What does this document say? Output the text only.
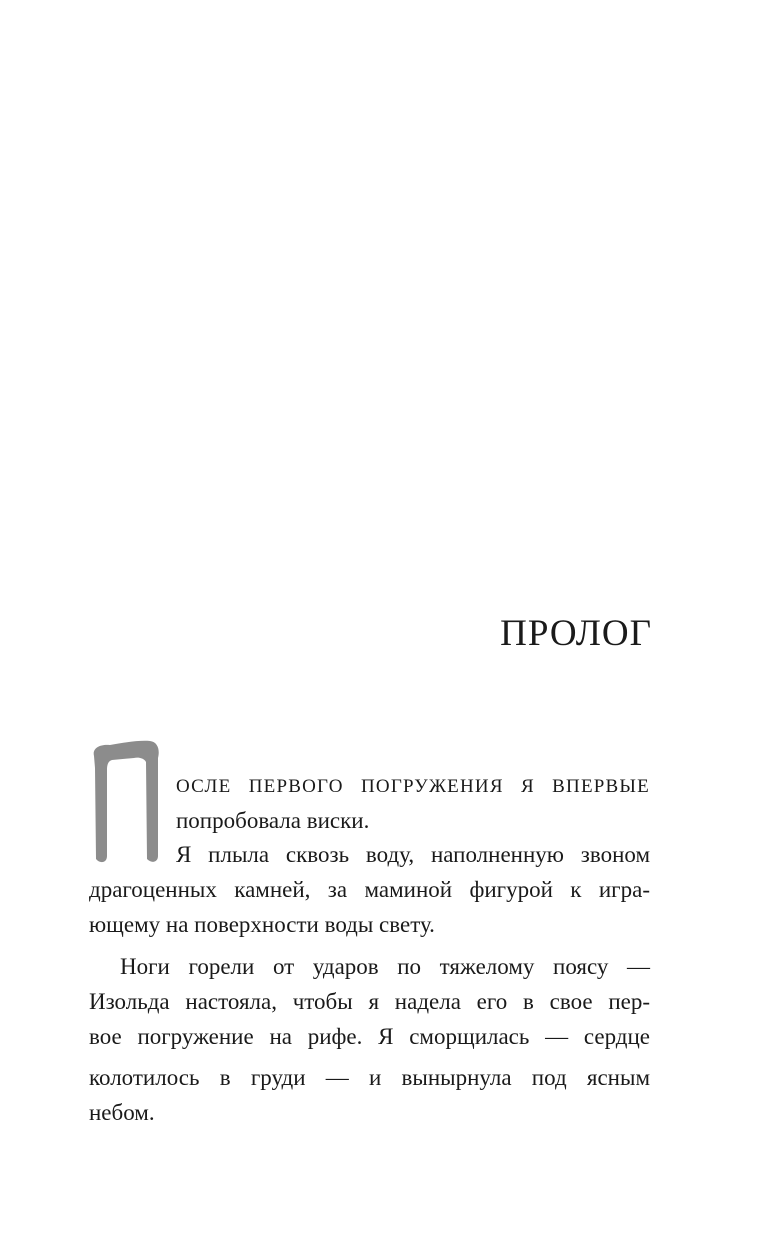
ПРОЛОГ

ОСЛЕ ПЕРВОГО ПОГРУЖЕНИЯ Я ВПЕРВЫЕ

попробовала виски.

Я плыла сквозь воду, наполненную звоном

драгоценных камней, за маминой фигурой к игра-

ющему на поверхности воды свету.

Ноги горели от ударов по тяжелому поясу —

Изольда настояла, чтобы я надела его в свое пер-

вое погружение на рифе. Я сморщилась — сердце

колотилось в груди — и вынырнула под ясным

небом.
